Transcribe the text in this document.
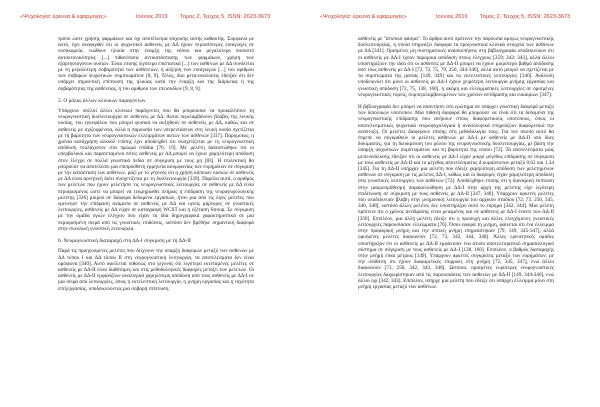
«Ψυχολογία: έρευνα & εφαρμογές»	Ιούνιος 2019 Τόμος 2, Τεύχος 5, ISSN: 2623-3673

τρόπο ώστε χρήσης φαρμάκων και όχι αποτέλεσμα ψύχωσης αυτής καθαυτής. Σύμφωνα με αυτό, έχει αναφερθεί ότι οι ψυχωτικοί ασθενείς με ΔΔ έχουν περισσότερες εισαγωγές σε νοσοκομεία, νιώθουν ηλικία στην έναρξη της νόσου και μεγαλύτερο ποσοστό αυτοκτονικότητας [...] πιθανότατα αντικατάστασης των φαρμάκων, χρήση των εξαρτησιογόνων ουσιών. Είναι επίσης λιγότερο επιστατικά [...] των ασθενών με ΔΔ συνδέεται με τη μεγαλύτερη σοβαρότητα των ασθενειών, ή αύξηση των εισαγωγών [...] του αριθμού των σοβαρών ψυχωτικών συμπτωμάτων [8, 9]. Τέλος, δύο μετα-αναλύσεις έδειξαν ότι δεν υπάρχει σημαντική επίπτωση της ηλικίας κατά την έναρξη και της διάρκειας ή της σοβαρότητας της ασθένειας, ή του αριθμού των επεισοδίων [9, 8, 9].

5. Ο ρόλος άλλων κλινικών παραγόντων

Υπάρχουν πολλοί άλλοι κλινικοί παράγοντες που θα μπορούσαν να προκαλέσουν τη νευρογνωστική δυσλειτουργία σε ασθενείς με ΔΔ. Αυτοί περιλαμβάνουν βλάβες της λευκής ουσίας, του εγκεφάλου που μπορεί φυσικά να αυξηθούν σε ασθενείς με ΔΔ, καθώς και σε ασθενείς με σχιζοφρένεια, αλλά η παρουσία των υπερεντάσεων στη λευκή ουσία σχετίζεται με τη βαρύτητα των νευρογνωστικών ελλειμμάτων αυτών των ασθενών [337]. Παρομοίως, η χρόνια κατάχρηση αλκοόλ επίσης έχει αποδειχθεί ότι συσχετίζεται με τη νευρογνωστική απόδοση τουλάχιστον στα πρώιμα στάδια [76, 19]. Με μελέτη διαπιστώθηκε ότι οι υπερβολικοί και παρατεταμένοι πότες ασθενείς με ΔΔ μπορεί να έχουν χαμηλότερη απόδοση στον έλεγχο σε πολλά γνωστικά πεδία σε σύγκριση με τους μη [83]. Η επιλεκτική θα μπορούσε να αποτελέσει μια επιπρόσθετη ερμηνεία ασυμφωνίας των ευρημάτων σε σύγκριση με την κατάσταση των ασθενών, μαζί με το γεγονός ότι η χρήση κάποιων ουσιών σε ασθενείς με ΔΔ είναι αρνητική διότι συσχετίζεται με τη δυσλειτουργία [339]. Παρόλα αυτά, ο αριθμός των μελετών που έχουν μελετήσει τις νευρογνωστικές λειτουργίες σε ασθενείς με ΔΔ είναι περιορισμένος ώστε να μπορεί να τεκμηριωθεί πλήρως η επίδραση της νευροψυχολογικής μελέτης [336] μικρού σε διάφορα δεδομένα εργασιών, ήταν μια από τις λίγες μελέτες που ερεύνησε την επίδραση ανάμεσα σε ασθενείς με ΔΔ και υγιείς μάρτυρες σε γνωστικές λειτουργίες, ασθενείς με ΔΔ είχαν σε καταγραφή WCST και η εξέταση Stroop. Σε σύγκριση με την ομάδα υγιών ελέγχου που είχαν τα ίδια δημογραφικά χαρακτηριστικά σε μια περιορισμένη σειρά από τις γνωστικές επιδόσεις, ωστόσο δεν βρέθηκε σημαντική διαφορά στην συνολική γνωστική λειτουργία.

6. Νευρογνωστική διαταραχή στη ΔΔ-Ι σύγκριση με τη ΔΔ-ΙΙ

Παρά τις προηγούμενες μελέτες που δείχνουν την ύπαρξη διαφορών μεταξύ των ασθενών με ΔΔ τύπου Ι και ΔΔ τύπου ΙΙ στη νευρογνωστική λειτουργία, τα αποτελέσματα δεν είναι ομόφωνα [340]. Αυτό οφείλεται πιθανώς στο γεγονός ότι λιγότερο εκτεταμένες μελέτες σε ασθενείς με ΔΔ-ΙΙ είναι διαθέσιμες και στις μεθοδολογικές διαφορές μεταξύ των μελετών. Οι ασθενείς με ΔΔ-ΙΙ εμφανίζουν αναλογικά χαμηλότερη απόδοση από τους ασθενείς με ΔΔ-Ι σε μια σειρά από λειτουργίες, όπως η εκτελεστική λειτουργία, η μνήμη εργασίας και η ταχύτητα επεξεργασίας, υποδεικνύοντας μια σοβαρή επίπτωση.

«Ψυχολογία: έρευνα & εφαρμογές»	Ιούνιος 2019 Τόμος 2, Τεύχος 5, ISSN: 2623-3673

ασθενείς με "άτυπικό φάσμα". Το άρθρο αυτό πρότεινε την παρουσία αμιγώς νευρογνωστικής δυσλειτουργίας, η οποία επηρεάζει διάφορα τα προγνωστικά κλινικά στοιχεία των ασθενών με ΔΔ [341]. Ορισμένες μη συστηματικές ανασκοπήσεις στη βιβλιογραφία υποδεικνύουν ότι οι ασθενείς με ΔΔ-Ι έχουν παρόμοια απόδοση στους ελέγχους [259; 342; 343], αλλά άλλοι υποστηρίζουν την ιδέα ότι οι ασθενείς με ΔΔ-ΙΙ μπορεί να έχουν μικρότερο βαθμό απόδοσης από τους ασθενείς με ΔΔ-Ι [72, 73, 75, 79, 250, 344-346], αλλά αυτό μπορεί να σχετίζεται με τα συμπτώματα της μανίας [149, 349] και τις εκτελεστικές λειτουργίες [346]. Ανάλυση υποδεικνύει ότι μόνο οι ασθενείς με ΔΔ-Ι έχουν χειρότερη λειτουργία μνήμης εργασίας και γνωστική απόδοση [72, 75, 138, 160], ή ακόμη και ελλειμματικές λειτουργίες σε ορισμένες νευρογνωστικές τομείς, συμπεριλαμβανομένων των χρόνων αντίδρασης και ευκαιριών [347].

Η βιβλιογραφία δεν μπορεί να απαντήσει στο ερώτημα αν υπάρχει γνωστική διαφορά μεταξύ των διπολικών υποτύπων. Μια πιθανή διαφορά θα μπορούσε να είναι ότι τα δεδομένα της νευρογνωστικής επίδρασης που ανήκουν στους διαφορετικούς υποτύπους, όπως οι αποτελεσματικές ψυχωτικά νευροψυχολογικά ή ανοσολογικά επηρεάζουν διαφορετικά την ανάπτυξη. Οι μελέτες διαφέρουν επίσης στη μεθοδολογία τους. Για τον σκοπό αυτό θα έπρεπε να συγκριθούν οι μελέτες ασθενών με ΔΔ-Ι με ασθενείς με ΔΔ-ΙΙ υπό ίδιες δοκιμασίες, για τη διευκρίνιση του ρόλου της νευρογνωστικής δυσλειτουργίας, με βάση την ύπαρξη ψυχωτικών συμπτωμάτων και τη βαρύτητα της νόσου [72]. Τα αποτελέσματα μιας μετα-ανάλυσης έδειξαν ότι οι ασθενείς με ΔΔ-Ι είχαν μικρό μέγεθος επίδρασης σε σύγκριση με τους ασθενείς με ΔΔ-ΙΙ και το μέγεθος αποτελέσματος d κυμαίνονταν μεταξύ 0,62 και 1,34 [345]. Για τη ΔΔ-ΙΙ υπήρχαν μια μελέτη που έδειξε χαμηλότερη απόδοση των μελετημένων ασθενών σε σύγκριση με τις μελέτες ΔΔ-Ι, καθώς και οι διαφορές είχαν χαμηλότερη απόδοση στις γνωστικές λειτουργίες των ασθενών [72]. Αποδείχθηκε επίσης ότι η διαναμική έκπτωση στην μακροπρόθεσμη παρακολούθηση με ΔΔ-Ι στην αρχή της μελέτης είχε λιγότερη επιδείνωση σε σύγκριση με τους ασθενείς με ΔΔ-ΙΙ [347, 348]. Υπάρχουν αρκετές μελέτες που υποδείκνυαν βλάβη στην μνημονική λειτουργία του αρχικού σταδίου [72, 73, 250, 345, 346, 348], ωστόσο άλλες μελέτες δεν υποστήριξαν αυτό το εύρημα [342, 344]. Μια μελέτη πρότεινε ότι ο χρόνος αντίδρασης είναι μειωμένος και σε ασθενείς με ΔΔ-Ι έναντι των ΔΔ-ΙΙ [350]. Επιπλέον, μια άλλη μελέτη έδειξε ότι η προσοχή και άλλες ελεγχόμενες γνωστικές λειτουργίες παρουσίασαν ελλείμματα [76]. Όσον αφορά τη μνήμη, φαίνεται ότι ένα έλλειμμα στην προφορική μνήμη και την οπτική μνήμη επηρεάστηκαν [79, 149, 345-347], αλλά ορισμένες μελέτες διαφωνούν [72, 73, 342, 344, 348]. Άλλες ερευνητικές ομάδες υποστήριξαν ότι οι ασθενείς με ΔΔ-ΙΙ εμφάνισαν ένα άτυπο αποτελεσματικό σημασιολογικό σύστημα σε σύγκριση με τους ασθενείς με ΔΔ-Ι [138, 160]. Επιπλέον, ο βαθμός διαταραχής στην μνήμη είναι μέτριος [149]. Υπάρχουν αρκετές συγκρίσεις μεταξύ των ευρημάτων, με την υπόθεση ότι έχουν διαφορετικές επιρροές στη μνήμη [72, 345, 347], ενώ άλλοι διαφωνούν [73, 250, 342, 343, 348]. Ωστόσο, ορισμένες ευρύτερες νευρογνωστικές λειτουργίες διαχωρίστηκαν από τις παρουσιάσεις των ασθενών με ΔΔ-ΙΙ [149, 344-346], ενώ άλλοι όχι [342, 343]. Επιπλέον, υπήρχε μια μελέτη που έδειξε ότι υπάρχει έλλειμμα μόνο στη μνήμη εργασίας μεταξύ των ασθενών.
